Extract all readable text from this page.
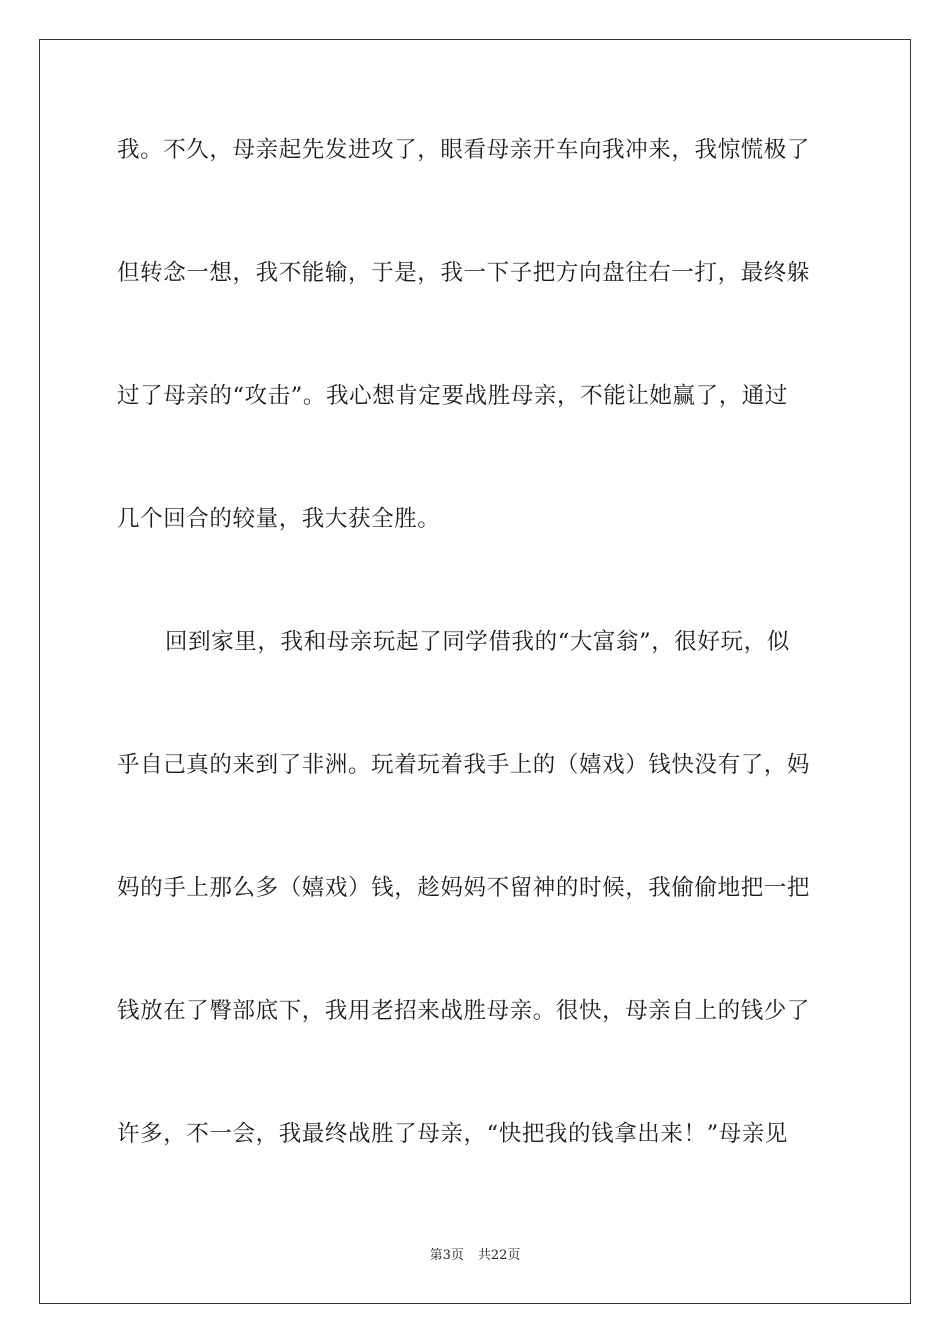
我。不久，母亲起先发进攻了，眼看母亲开车向我冲来，我惊慌极了
但转念一想，我不能输，于是，我一下子把方向盘往右一打，最终躲
过了母亲的“攻击”。我心想肯定要战胜母亲，不能让她赢了，通过
几个回合的较量，我大获全胜。
回到家里，我和母亲玩起了同学借我的“大富翁”，很好玩，似
乎自己真的来到了非洲。玩着玩着我手上的（嬉戏）钱快没有了，妈
妈的手上那么多（嬉戏）钱，趁妈妈不留神的时候，我偷偷地把一把
钱放在了臀部底下，我用老招来战胜母亲。很快，母亲自上的钱少了
许多，不一会，我最终战胜了母亲，“快把我的钱拿出来！”母亲见
第3页 共22页
